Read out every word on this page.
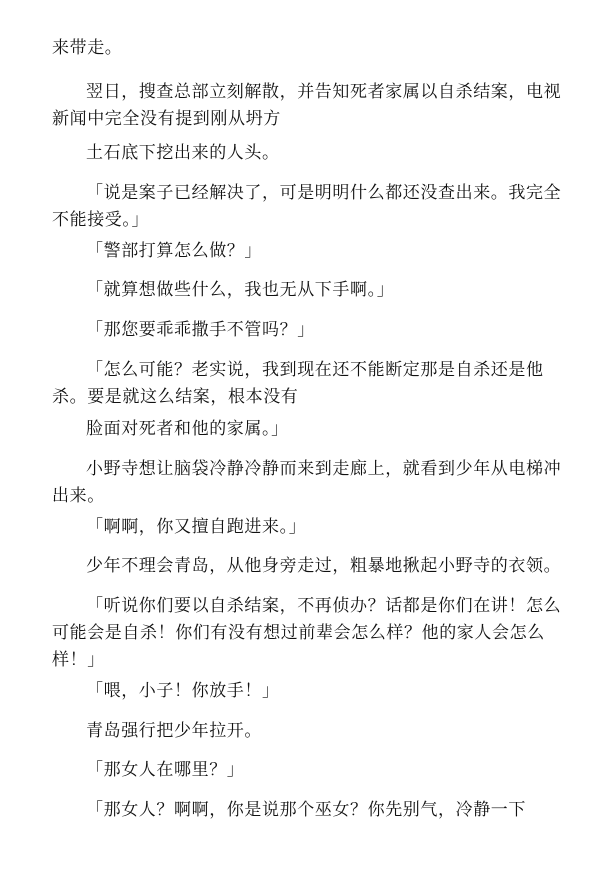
来带走。

翌日，搜查总部立刻解散，并告知死者家属以自杀结案，电视新闻中完全没有提到刚从坍方

土石底下挖出来的人头。

「说是案子已经解决了，可是明明什么都还没查出来。我完全不能接受。」

「警部打算怎么做？」

「就算想做些什么，我也无从下手啊。」

「那您要乖乖撒手不管吗？」

「怎么可能？老实说，我到现在还不能断定那是自杀还是他杀。要是就这么结案，根本没有

脸面对死者和他的家属。」

小野寺想让脑袋冷静冷静而来到走廊上，就看到少年从电梯冲出来。

「啊啊，你又擅自跑进来。」

少年不理会青岛，从他身旁走过，粗暴地揪起小野寺的衣领。

「听说你们要以自杀结案，不再侦办？话都是你们在讲！怎么可能会是自杀！你们有没有想过前辈会怎么样？他的家人会怎么样！」

「喂，小子！你放手！」

青岛强行把少年拉开。

「那女人在哪里？」

「那女人？啊啊，你是说那个巫女？你先别气，冷静一下
